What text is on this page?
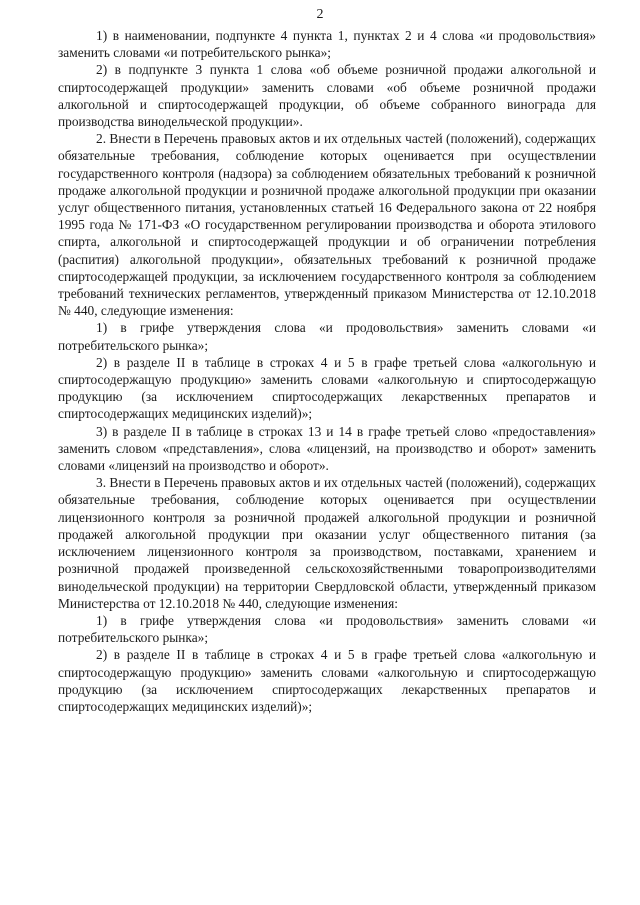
2

1) в наименовании, подпункте 4 пункта 1, пунктах 2 и 4 слова «и продовольствия» заменить словами «и потребительского рынка»;

2) в подпункте 3 пункта 1 слова «об объеме розничной продажи алкогольной и спиртосодержащей продукции» заменить словами «об объеме розничной продажи алкогольной и спиртосодержащей продукции, об объеме собранного винограда для производства винодельческой продукции».

2. Внести в Перечень правовых актов и их отдельных частей (положений), содержащих обязательные требования, соблюдение которых оценивается при осуществлении государственного контроля (надзора) за соблюдением обязательных требований к розничной продаже алкогольной продукции и розничной продаже алкогольной продукции при оказании услуг общественного питания, установленных статьей 16 Федерального закона от 22 ноября 1995 года № 171-ФЗ «О государственном регулировании производства и оборота этилового спирта, алкогольной и спиртосодержащей продукции и об ограничении потребления (распития) алкогольной продукции», обязательных требований к розничной продаже спиртосодержащей продукции, за исключением государственного контроля за соблюдением требований технических регламентов, утвержденный приказом Министерства от 12.10.2018 № 440, следующие изменения:

1) в грифе утверждения слова «и продовольствия» заменить словами «и потребительского рынка»;

2) в разделе II в таблице в строках 4 и 5 в графе третьей слова «алкогольную и спиртосодержащую продукцию» заменить словами «алкогольную и спиртосодержащую продукцию (за исключением спиртосодержащих лекарственных препаратов и спиртосодержащих медицинских изделий)»;

3) в разделе II в таблице в строках 13 и 14 в графе третьей слово «предоставления» заменить словом «представления», слова «лицензий, на производство и оборот» заменить словами «лицензий на производство и оборот».

3. Внести в Перечень правовых актов и их отдельных частей (положений), содержащих обязательные требования, соблюдение которых оценивается при осуществлении лицензионного контроля за розничной продажей алкогольной продукции и розничной продажей алкогольной продукции при оказании услуг общественного питания (за исключением лицензионного контроля за производством, поставками, хранением и розничной продажей произведенной сельскохозяйственными товаропроизводителями винодельческой продукции) на территории Свердловской области, утвержденный приказом Министерства от 12.10.2018 № 440, следующие изменения:

1) в грифе утверждения слова «и продовольствия» заменить словами «и потребительского рынка»;

2) в разделе II в таблице в строках 4 и 5 в графе третьей слова «алкогольную и спиртосодержащую продукцию» заменить словами «алкогольную и спиртосодержащую продукцию (за исключением спиртосодержащих лекарственных препаратов и спиртосодержащих медицинских изделий)»;
